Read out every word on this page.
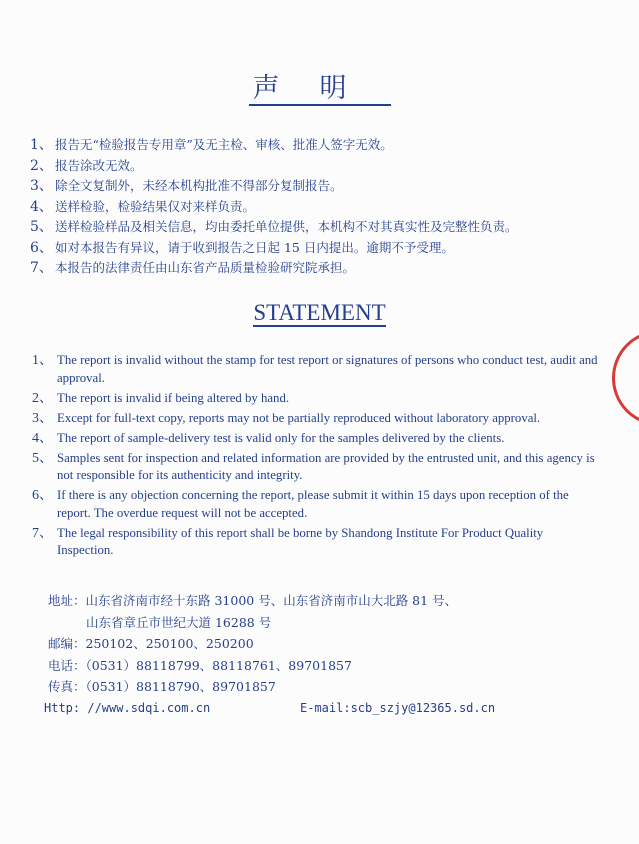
声明
1、 报告无“检验报告专用章”及无主检、审核、批准人签字无效。
2、 报告涂改无效。
3、 除全文复制外，未经本机构批准不得部分复制报告。
4、 送样检验，检验结果仅对来样负责。
5、 送样检验样品及相关信息，均由委托单位提供，本机构不对其真实性及完整性负责。
6、 如对本报告有异议，请于收到报告之日起 15 日内提出。逾期不予受理。
7、 本报告的法律责任由山东省产品质量检验研究院承担。
STATEMENT
1、 The report is invalid without the stamp for test report or signatures of persons who conduct test, audit and approval.
2、 The report is invalid if being altered by hand.
3、 Except for full-text copy, reports may not be partially reproduced without laboratory approval.
4、 The report of sample-delivery test is valid only for the samples delivered by the clients.
5、 Samples sent for inspection and related information are provided by the entrusted unit, and this agency is not responsible for its authenticity and integrity.
6、 If there is any objection concerning the report, please submit it within 15 days upon reception of the report. The overdue request will not be accepted.
7、 The legal responsibility of this report shall be borne by Shandong Institute For Product Quality Inspection.
地址：山东省济南市经十东路 31000 号、山东省济南市山大北路 81 号、
山东省章丘市世纪大道 16288 号
邮编：250102、250100、250200
电话：（0531）88118799、88118761、89701857
传真：（0531）88118790、89701857
Http: //www.sdqi.com.cn	E-mail:scb_szjy@12365.sd.cn
